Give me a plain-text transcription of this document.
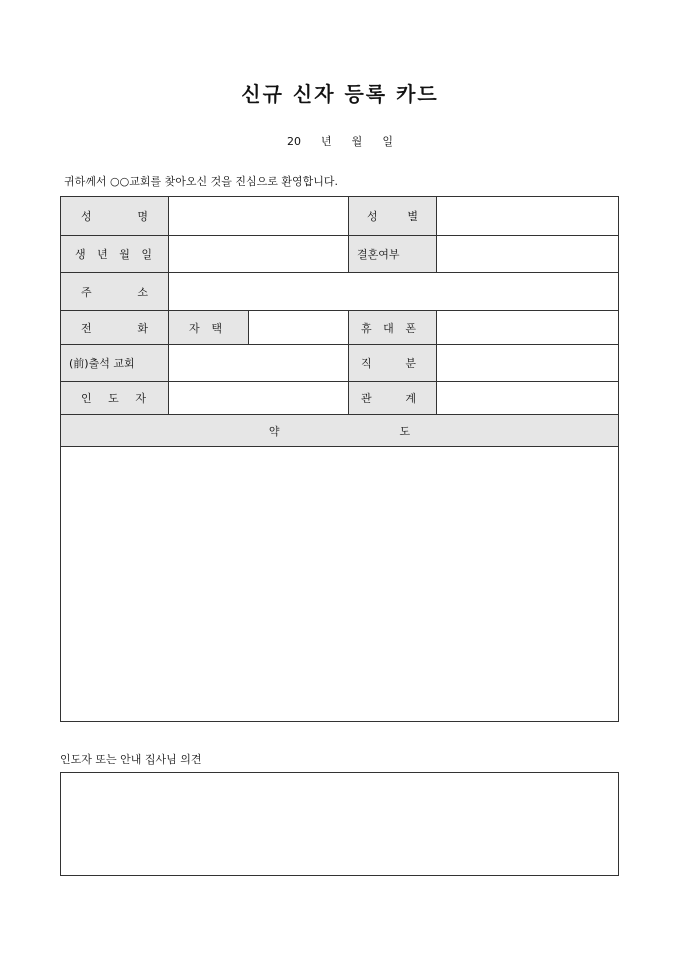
신규 신자 등록 카드
20 년 월 일
귀하께서 ○○교회를 찾아오신 것을 진심으로 환영합니다.
성 명			성 별	

생 년 월 일			결혼여부	

주 소				

전 화	자 택		휴 대 폰	

(前)출석 교회			직 분	

인 도 자			관 계	

약 도				

인도자 또는 안내 집사님 의견
